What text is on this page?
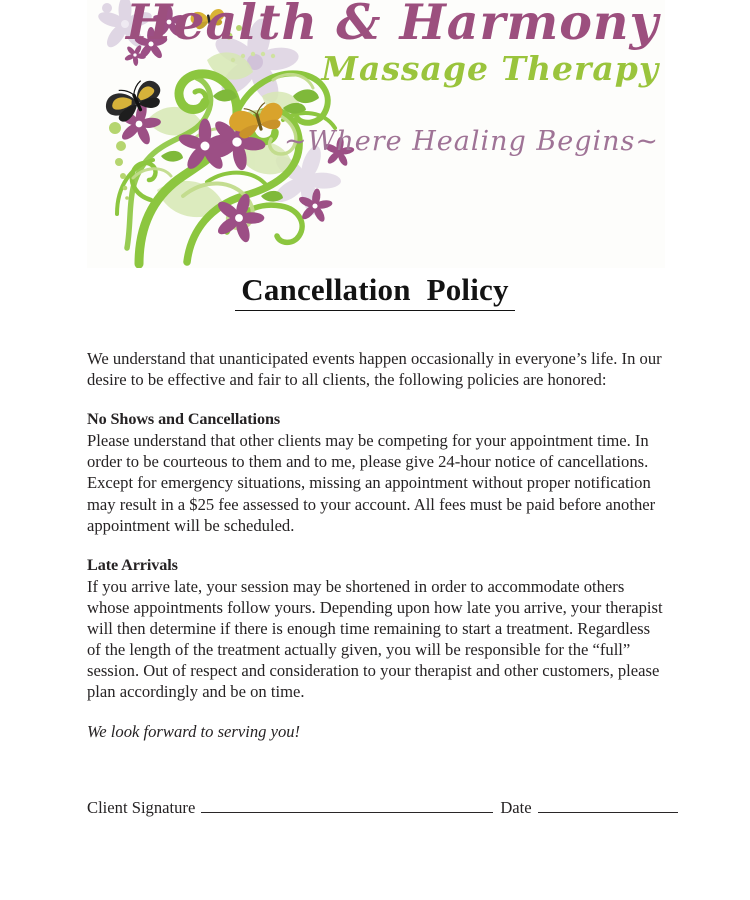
Health & Harmony
Massage Therapy
~Where Healing Begins~
Cancellation  Policy

We understand that unanticipated events happen occasionally in everyone’s life. In our desire to be effective and fair to all clients, the following policies are honored:

No Shows and Cancellations

Please understand that other clients may be competing for your appointment time. In order to be courteous to them and to me, please give 24-hour notice of cancellations. Except for emergency situations, missing an appointment without proper notification may result in a $25 fee assessed to your account. All fees must be paid before another appointment will be scheduled.

Late Arrivals

If you arrive late, your session may be shortened in order to accommodate others whose appointments follow yours. Depending upon how late you arrive, your therapist will then determine if there is enough time remaining to start a treatment. Regardless of the length of the treatment actually given, you will be responsible for the “full” session. Out of respect and consideration to your therapist and other customers, please plan accordingly and be on time.

We look forward to serving you!

Client Signature	Date
